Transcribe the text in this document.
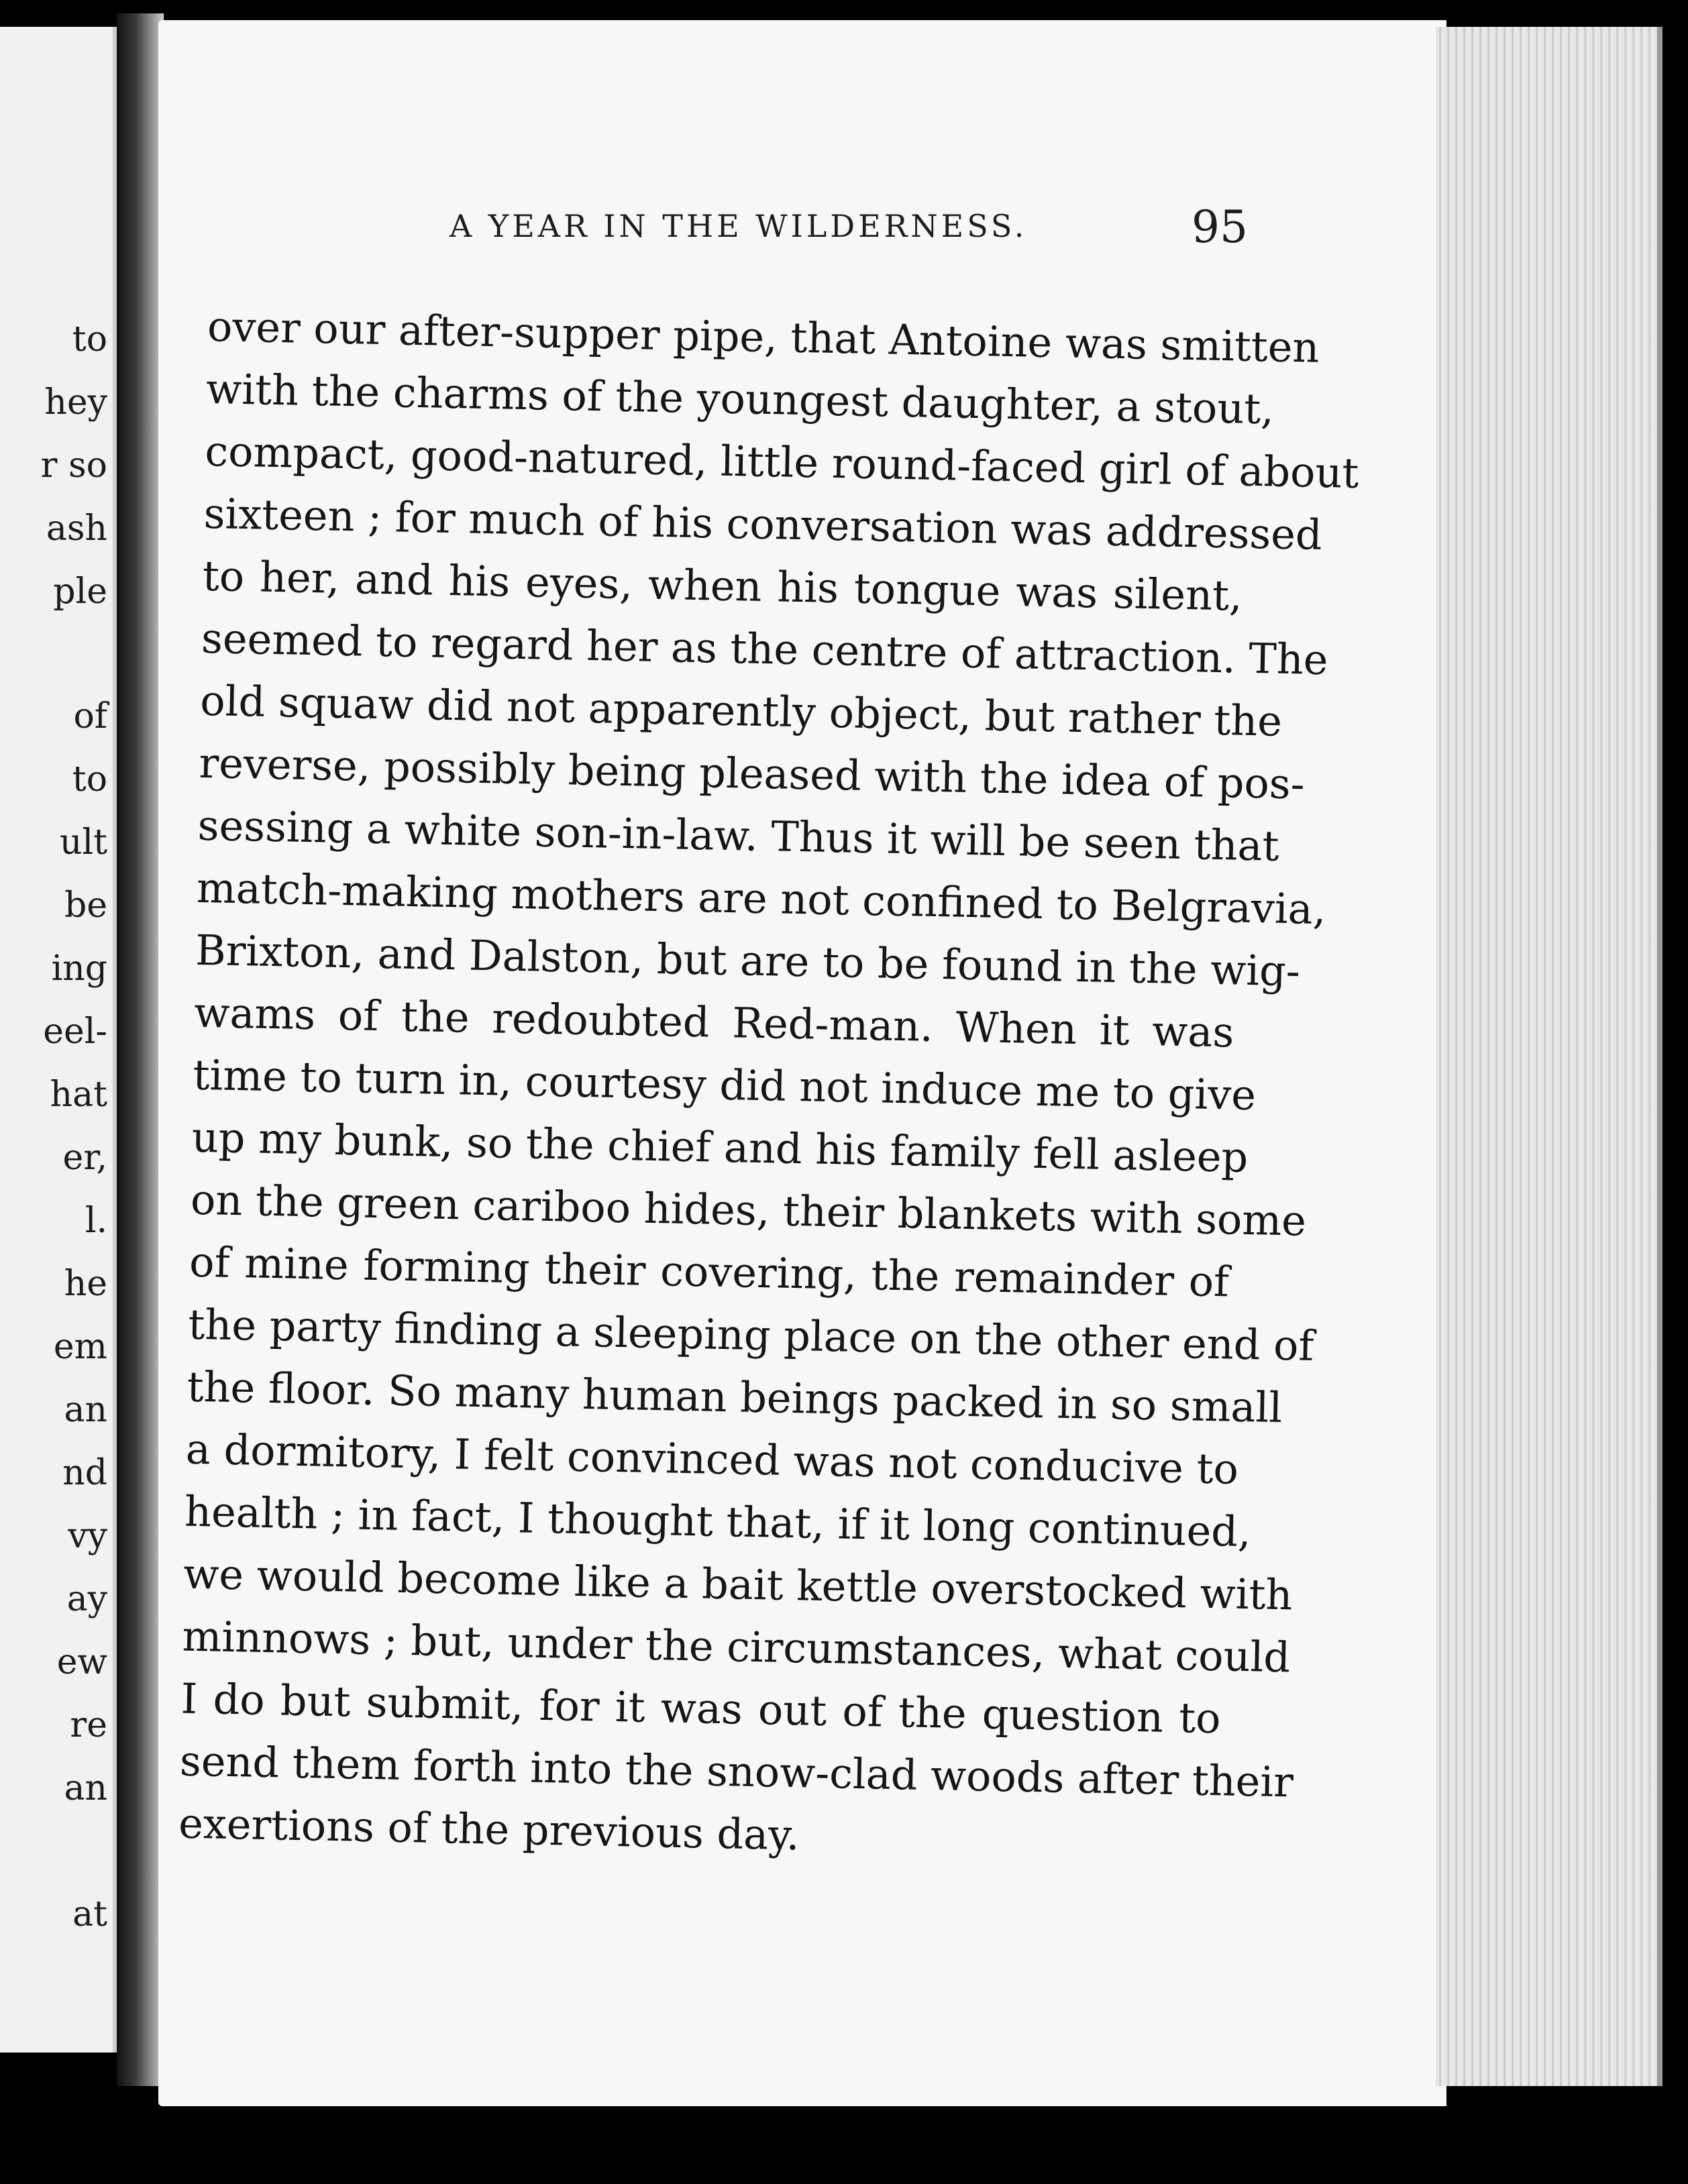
to
hey
r so
ash
ple
of
to
ult
be
ing
eel-
hat
er,
l.
he
em
an
nd
vy
ay
ew
re
an
at
A YEAR IN THE WILDERNESS.	95
over our after-supper pipe, that Antoine was smitten
with the charms of the youngest daughter, a stout,
compact, good-natured, little round-faced girl of about
sixteen ; for much of his conversation was addressed
to her, and his eyes, when his tongue was silent,
seemed to regard her as the centre of attraction. The
old squaw did not apparently object, but rather the
reverse, possibly being pleased with the idea of pos-
sessing a white son-in-law. Thus it will be seen that
match-making mothers are not confined to Belgravia,
Brixton, and Dalston, but are to be found in the wig-
wams of the redoubted Red-man. When it was
time to turn in, courtesy did not induce me to give
up my bunk, so the chief and his family fell asleep
on the green cariboo hides, their blankets with some
of mine forming their covering, the remainder of
the party finding a sleeping place on the other end of
the floor. So many human beings packed in so small
a dormitory, I felt convinced was not conducive to
health ; in fact, I thought that, if it long continued,
we would become like a bait kettle overstocked with
minnows ; but, under the circumstances, what could
I do but submit, for it was out of the question to
send them forth into the snow-clad woods after their
exertions of the previous day.
